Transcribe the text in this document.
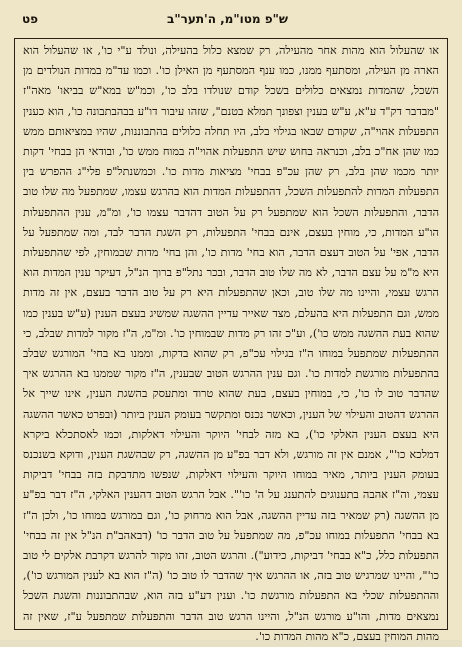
ש"פ מטו"מ, ה'תער"ב
פט

או שהעלול הוא מהות אחר מהעילה, רק שמצא כלול בהעילה, ונולד ע"י כו', או שהעלול הוא הארה מן העילה, ומסתעף ממנו, כמו ענף המסתעף מן האילן כו'. וכמו עד"מ במדות הנולדים מן השכל, שהמדות נמצאים כלולים בשכל קודם שנולדו בלב כו', וכמ"ש במא"ש בביאו' מאה"ז "מבדבר דק"ד ע"א, ע"ש בענין וצפונך תמלא בטנם", שזהו עיבור דו"ע בבהבתבונה כו', הוא כענין התפעלות אהוי"ה, שקודם שבאו בגילוי בלב, היו תחלה כלולים בהתבוננות, שהיו במציאותם ממש כמו שהן אח"כ בלב, וכנראה בחוש שיש התפעלות אהוי"ה במוח ממש כו', ובודאי הן בבחי' דקות יותר מכמו שהן בלב, רק שהן עכ"פ בבחי' מציאות מדות כו'. וכמשנתל"פ פלי"ג ההפרש בין התפעלות המדות להתפעלות השכל, דהתפעלות המדות הוא בהרגש עצמו, שמתפעל מה שלו טוב הדבר, והתפעלות השכל הוא שמתפעל רק על הטוב דהדבר עצמו כו', ומ"מ, ענין ההתפעלות הו"ע המדות, כי, מוחין בעצם, אינם בבחי' התפעלות, רק השגת הדבר לבד, ומה שמתפעל על הדבר, אפי' על הטוב דעצם הדבר, הוא בחי' מדות כו', והן בחי' מדות שבמוחין, לפי שהתפעלות היא מ"מ על עצם הדבר, לא מה שלו טוב הדבר, ובכר נתל"פ ברוך הנ"ל, דעיקר ענין המדות הוא הרגש עצמי, והיינו מה שלו טוב, וכאן שהתפעלות היא רק על טוב הדבר בעצם, אין זה מדות ממש, וגם התפעלות היא בהעלם, מצד שאייר עדיין ההשגה שמשיג בעצם הענין (ע"ש בענין כמו שהוא בעת ההשגה ממש כו'), וע"כ זהו רק מדות שבמוחין כו'. ומ"מ, ה"ז מקור למדות שבלב, כי ההתפעלות שמתפעל במוחו ה"ז בגילוי עכ"פ, רק שהוא בדקות, וממנו בא בחי' המורגש שבלב בהתפעלות מורגשת למדות כו'. וגם ענין ההרגש הטוב שבענין, ה"ז מקור שממנו בא ההרגש איך שהדבר טוב לו כו', כי, במוחין בעצם, בעת שהוא טרוד ומתעסק בהשגת הענין, אינו שייך אל ההרגש דהטוב והעילוי של הענין, וכאשר נכנס ומתקשר בעומק הענין ביותר (ובפרט כאשר ההשגה היא בעצם הענין האלקי כו'), בא מזה לבחי' היוקר והעילוי דאלקות, וכמו לאסתכלא ביקרא דמלכא כו'", אמנם אין זה מורגש, ולא דבר בפ"ע מן ההשגה, רק שבהשגת הענין, ודוקא בשנכנס בעומק הענין ביותר, מאיר במוחו היוקר והעילוי דאלקות, שנפשו מתדבקת בזה בבחי' דביקות עצמי, וה"ז אהבה בתענוגים להתענג על ה' כו'". אבל הרגש הטוב דהענין האלקי, ה"ז דבר בפ"ע מן ההשגה (רק שמאיר בזה עדיין ההשגה, אבל הוא מרחוק כו', וגם במורגש במוחו כו', ולכן ה"ז בא בבחי' התפעלות במוחו עכ"פ, מה שמתפעל על טוב הדבר כו' (דבאהב"ת הנ"ל אין זה בבחי' התפעלות כלל, כ"א בבחי' דביקות, כידוע"). והרגש הטוב, זהו מקור להרגש דקרבת אלקים לי טוב כו'", והיינו שמרגיש טוב בזה, או ההרגש איך שהדבר לו טוב כו' (ה"ז הוא בא לענין המורגש כו'), וההתפעלות שכלי בא התפעלות מורגשת כו'. וענין דע"ע בזה הוא, שבהתבוננות והשגת השכל נמצאים מדות, והו"ע מורגש הנ"ל, והיינו הרגש טוב הדבר והתפעלות שמתפעל ע"ז, שאין זה מהות המוחין בעצם, כ"א מהות המדות כו'.
